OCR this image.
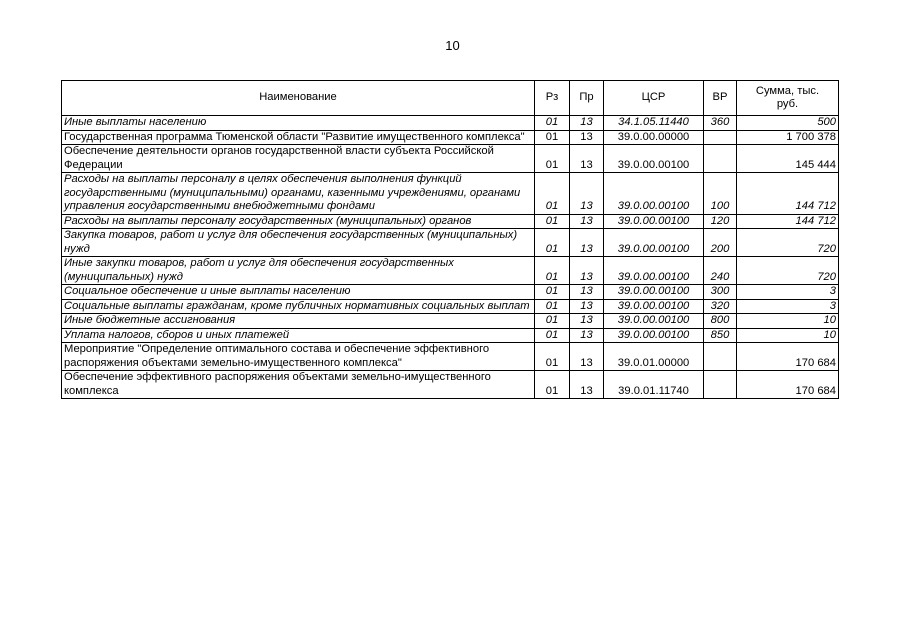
10
Наименование	Рз	Пр	ЦСР	ВР	Сумма, тыс. руб.
Иные выплаты населению	01	13	34.1.05.11440	360	500
Государственная программа Тюменской области "Развитие имущественного комплекса"	01	13	39.0.00.00000		1 700 378
Обеспечение деятельности органов государственной власти субъекта Российской Федерации	01	13	39.0.00.00100		145 444
Расходы на выплаты персоналу в целях обеспечения выполнения функций государственными (муниципальными) органами, казенными учреждениями, органами управления государственными внебюджетными фондами	01	13	39.0.00.00100	100	144 712
Расходы на выплаты персоналу государственных (муниципальных) органов	01	13	39.0.00.00100	120	144 712
Закупка товаров, работ и услуг для обеспечения государственных (муниципальных) нужд	01	13	39.0.00.00100	200	720
Иные закупки товаров, работ и услуг для обеспечения государственных (муниципальных) нужд	01	13	39.0.00.00100	240	720
Социальное обеспечение и иные выплаты населению	01	13	39.0.00.00100	300	3
Социальные выплаты гражданам, кроме публичных нормативных социальных выплат	01	13	39.0.00.00100	320	3
Иные бюджетные ассигнования	01	13	39.0.00.00100	800	10
Уплата налогов, сборов и иных платежей	01	13	39.0.00.00100	850	10
Мероприятие "Определение оптимального состава и обеспечение эффективного распоряжения объектами земельно-имущественного комплекса"	01	13	39.0.01.00000		170 684
Обеспечение эффективного распоряжения объектами земельно-имущественного комплекса	01	13	39.0.01.11740		170 684
